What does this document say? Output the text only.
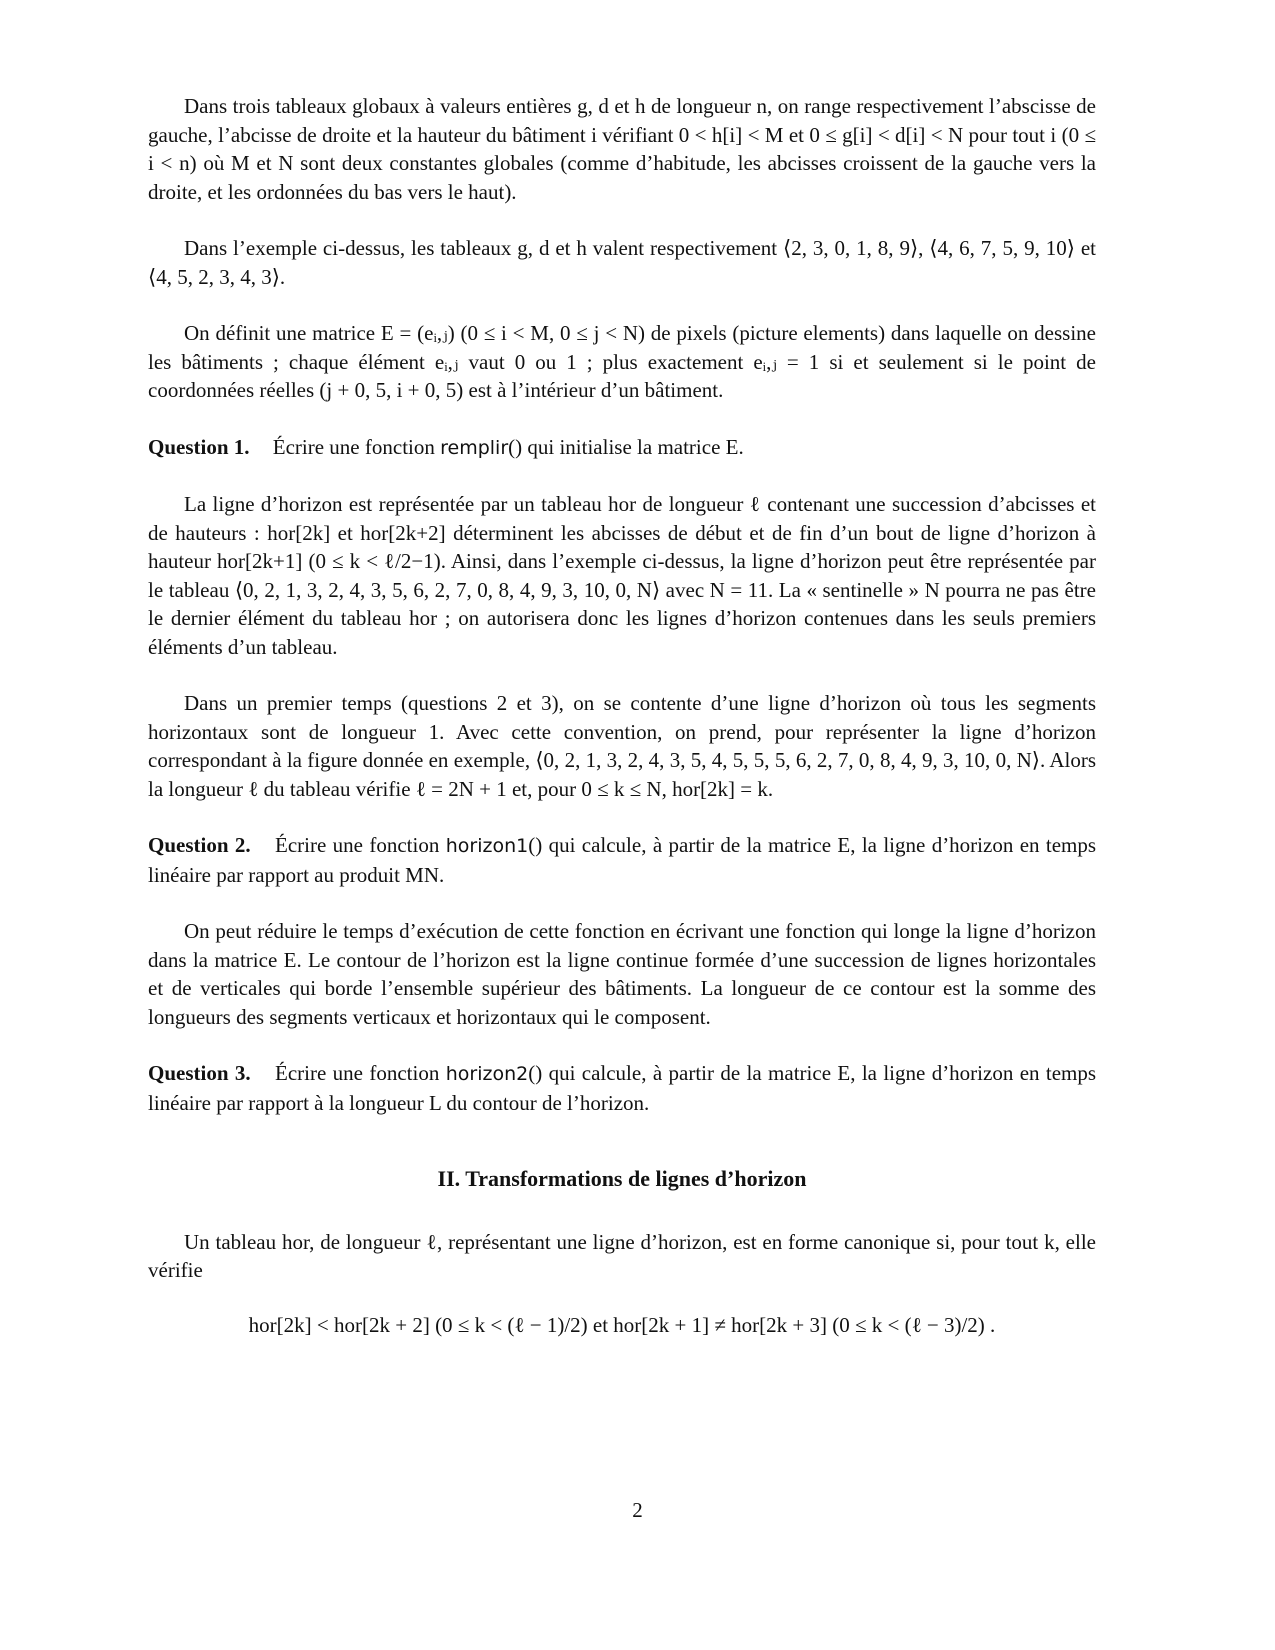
Dans trois tableaux globaux à valeurs entières g, d et h de longueur n, on range respectivement l’abscisse de gauche, l’abcisse de droite et la hauteur du bâtiment i vérifiant 0 < h[i] < M et 0 ≤ g[i] < d[i] < N pour tout i (0 ≤ i < n) où M et N sont deux constantes globales (comme d’habitude, les abcisses croissent de la gauche vers la droite, et les ordonnées du bas vers le haut).

Dans l’exemple ci-dessus, les tableaux g, d et h valent respectivement ⟨2, 3, 0, 1, 8, 9⟩, ⟨4, 6, 7, 5, 9, 10⟩ et ⟨4, 5, 2, 3, 4, 3⟩.

On définit une matrice E = (eᵢ,ⱼ) (0 ≤ i < M, 0 ≤ j < N) de pixels (picture elements) dans laquelle on dessine les bâtiments ; chaque élément eᵢ,ⱼ vaut 0 ou 1 ; plus exactement eᵢ,ⱼ = 1 si et seulement si le point de coordonnées réelles (j + 0, 5, i + 0, 5) est à l’intérieur d’un bâtiment.

Question 1. Écrire une fonction remplir() qui initialise la matrice E.

La ligne d’horizon est représentée par un tableau hor de longueur ℓ contenant une succession d’abcisses et de hauteurs : hor[2k] et hor[2k+2] déterminent les abcisses de début et de fin d’un bout de ligne d’horizon à hauteur hor[2k+1] (0 ≤ k < ℓ/2−1). Ainsi, dans l’exemple ci-dessus, la ligne d’horizon peut être représentée par le tableau ⟨0, 2, 1, 3, 2, 4, 3, 5, 6, 2, 7, 0, 8, 4, 9, 3, 10, 0, N⟩ avec N = 11. La « sentinelle » N pourra ne pas être le dernier élément du tableau hor ; on autorisera donc les lignes d’horizon contenues dans les seuls premiers éléments d’un tableau.

Dans un premier temps (questions 2 et 3), on se contente d’une ligne d’horizon où tous les segments horizontaux sont de longueur 1. Avec cette convention, on prend, pour représenter la ligne d’horizon correspondant à la figure donnée en exemple, ⟨0, 2, 1, 3, 2, 4, 3, 5, 4, 5, 5, 5, 6, 2, 7, 0, 8, 4, 9, 3, 10, 0, N⟩. Alors la longueur ℓ du tableau vérifie ℓ = 2N + 1 et, pour 0 ≤ k ≤ N, hor[2k] = k.

Question 2. Écrire une fonction horizon1() qui calcule, à partir de la matrice E, la ligne d’horizon en temps linéaire par rapport au produit MN.

On peut réduire le temps d’exécution de cette fonction en écrivant une fonction qui longe la ligne d’horizon dans la matrice E. Le contour de l’horizon est la ligne continue formée d’une succession de lignes horizontales et de verticales qui borde l’ensemble supérieur des bâtiments. La longueur de ce contour est la somme des longueurs des segments verticaux et horizontaux qui le composent.

Question 3. Écrire une fonction horizon2() qui calcule, à partir de la matrice E, la ligne d’horizon en temps linéaire par rapport à la longueur L du contour de l’horizon.

II. Transformations de lignes d’horizon

Un tableau hor, de longueur ℓ, représentant une ligne d’horizon, est en forme canonique si, pour tout k, elle vérifie

hor[2k] < hor[2k + 2] (0 ≤ k < (ℓ − 1)/2) et hor[2k + 1] ≠ hor[2k + 3] (0 ≤ k < (ℓ − 3)/2) .

2
